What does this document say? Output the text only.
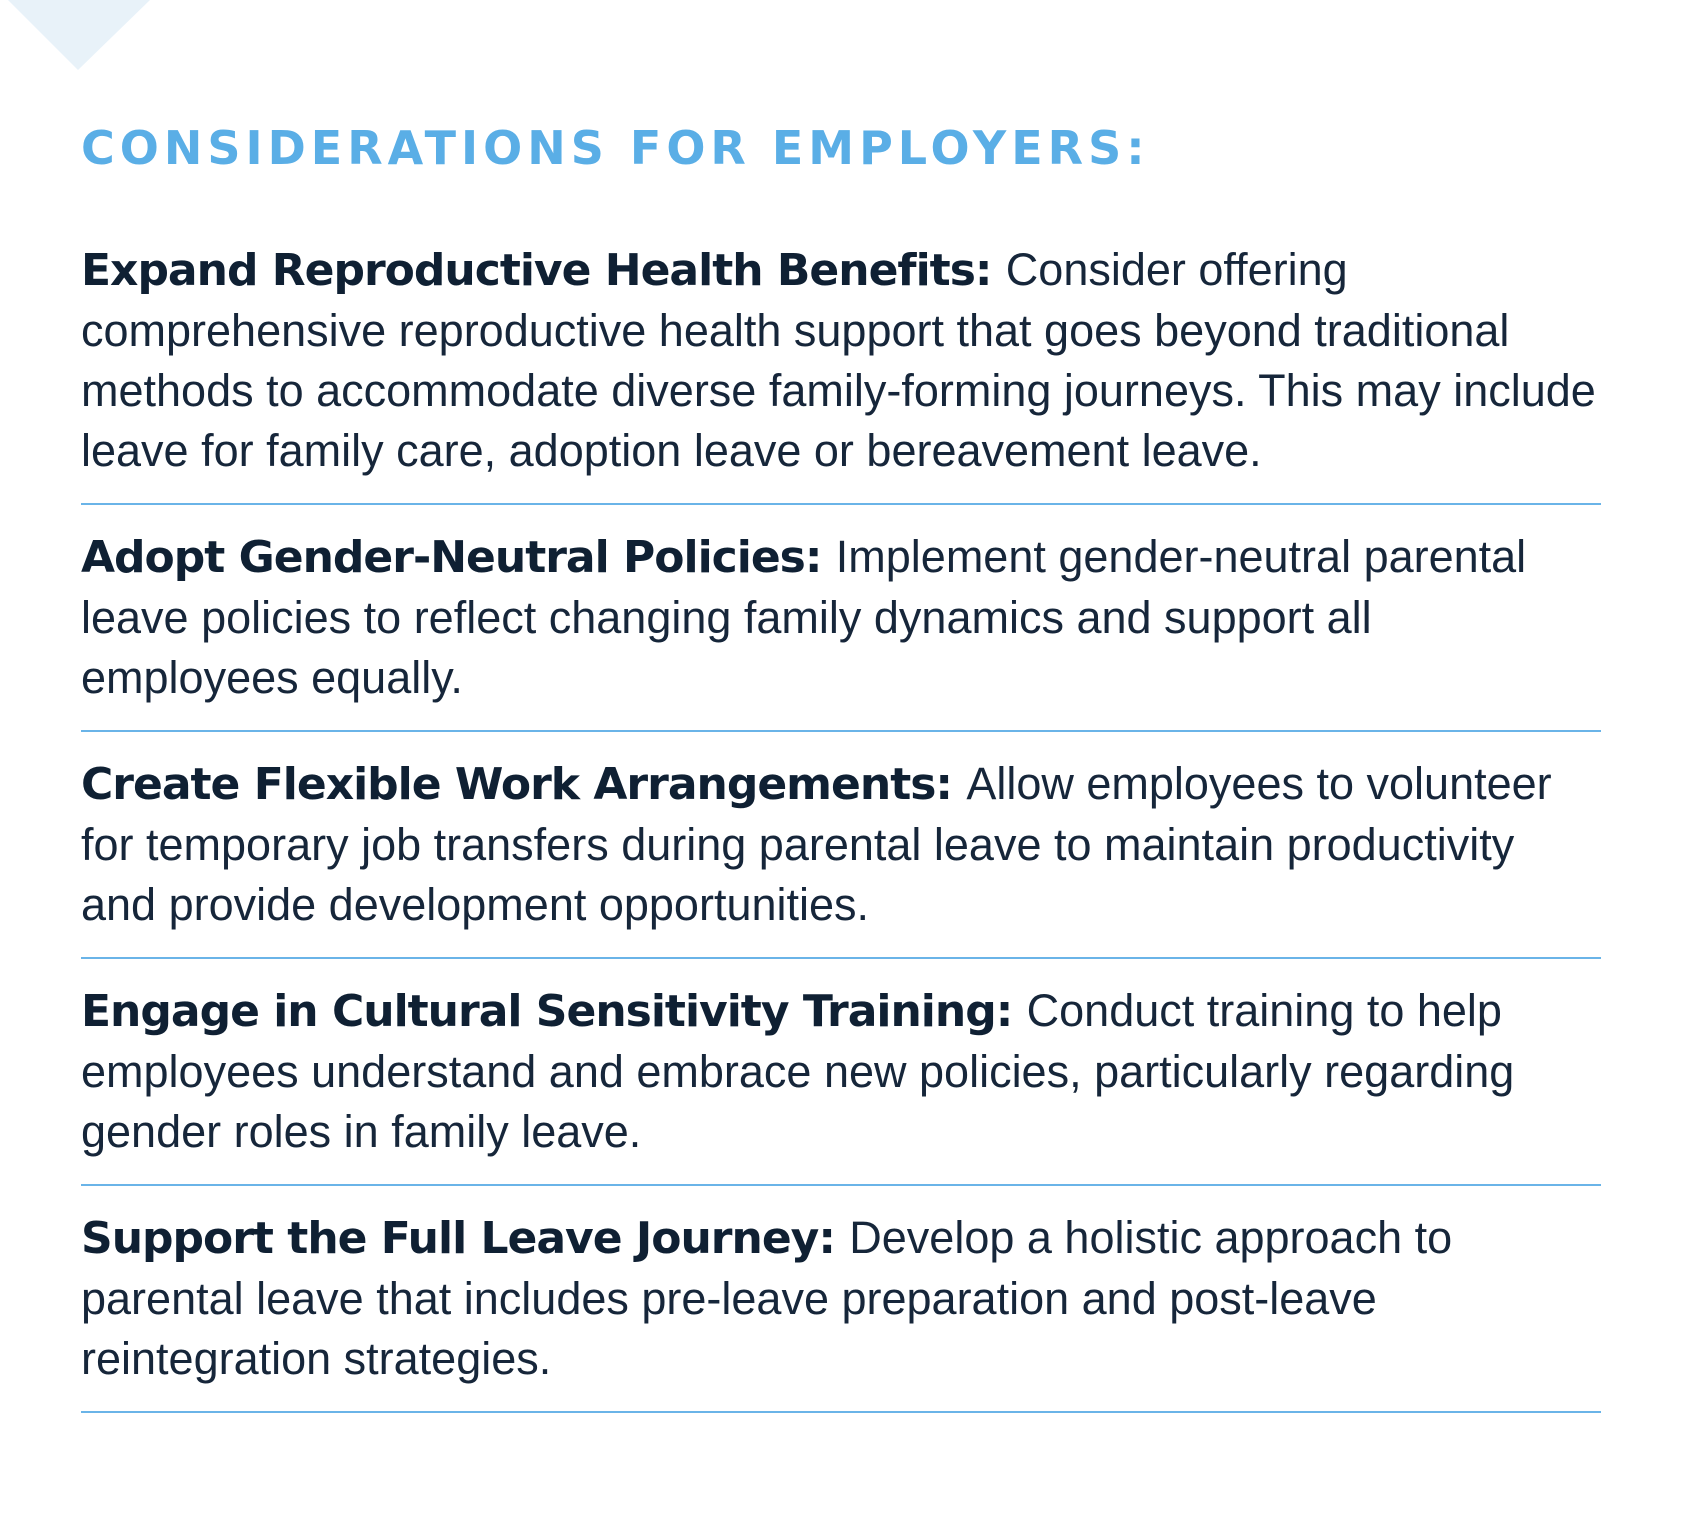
CONSIDERATIONS FOR EMPLOYERS:
Expand Reproductive Health Benefits: Consider offering comprehensive reproductive health support that goes beyond traditional methods to accommodate diverse family-forming journeys. This may include leave for family care, adoption leave or bereavement leave.
Adopt Gender-Neutral Policies: Implement gender-neutral parental leave policies to reflect changing family dynamics and support all employees equally.
Create Flexible Work Arrangements: Allow employees to volunteer for temporary job transfers during parental leave to maintain productivity and provide development opportunities.
Engage in Cultural Sensitivity Training: Conduct training to help employees understand and embrace new policies, particularly regarding gender roles in family leave.
Support the Full Leave Journey: Develop a holistic approach to parental leave that includes pre-leave preparation and post-leave reintegration strategies.
